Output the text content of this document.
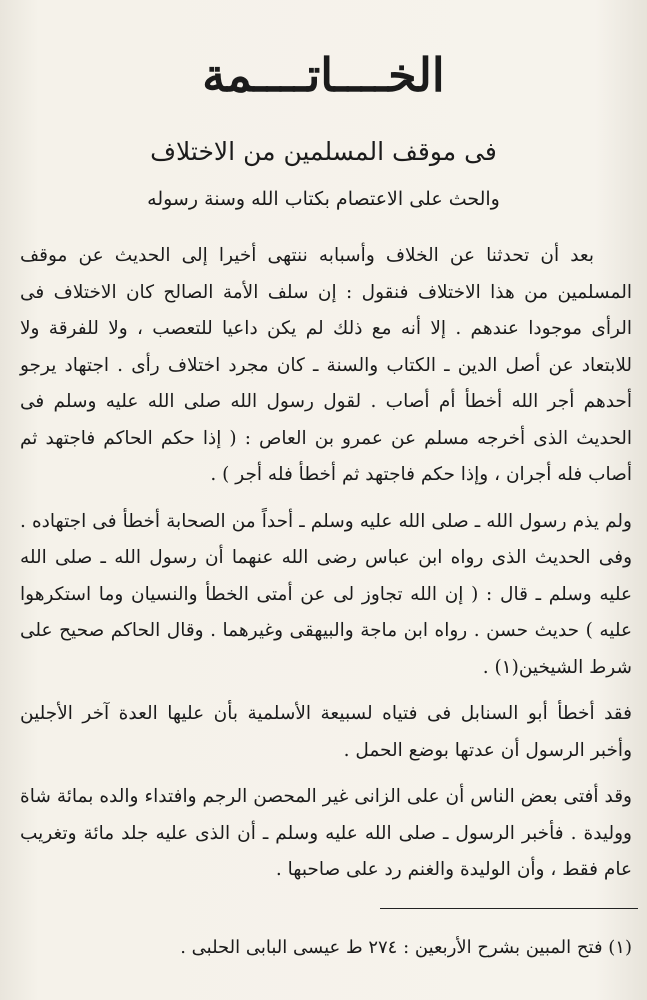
الخــــاتــــمة
فى موقف المسلمين من الاختلاف
والحث على الاعتصام بكتاب الله وسنة رسوله

بعد أن تحدثنا عن الخلاف وأسبابه ننتهى أخيرا إلى الحديث عن موقف المسلمين من هذا الاختلاف فنقول : إن سلف الأمة الصالح كان الاختلاف فى الرأى موجودا عندهم . إلا أنه مع ذلك لم يكن داعيا للتعصب ، ولا للفرقة ولا للابتعاد عن أصل الدين ـ الكتاب والسنة ـ كان مجرد اختلاف رأى . اجتهاد يرجو أحدهم أجر الله أخطأ أم أصاب . لقول رسول الله صلى الله عليه وسلم فى الحديث الذى أخرجه مسلم عن عمرو بن العاص : ( إذا حكم الحاكم فاجتهد ثم أصاب فله أجران ، وإذا حكم فاجتهد ثم أخطأ فله أجر ) .

ولم يذم رسول الله ـ صلى الله عليه وسلم ـ أحداً من الصحابة أخطأ فى اجتهاده . وفى الحديث الذى رواه ابن عباس رضى الله عنهما أن رسول الله ـ صلى الله عليه وسلم ـ قال : ( إن الله تجاوز لى عن أمتى الخطأ والنسيان وما استكرهوا عليه ) حديث حسن . رواه ابن ماجة والبيهقى وغيرهما . وقال الحاكم صحيح على شرط الشيخين(١) .

فقد أخطأ أبو السنابل فى فتياه لسبيعة الأسلمية بأن عليها العدة آخر الأجلين وأخبر الرسول أن عدتها بوضع الحمل .

وقد أفتى بعض الناس أن على الزانى غير المحصن الرجم وافتداء والده بمائة شاة ووليدة . فأخبر الرسول ـ صلى الله عليه وسلم ـ أن الذى عليه جلد مائة وتغريب عام فقط ، وأن الوليدة والغنم رد على صاحبها .

(١) فتح المبين بشرح الأربعين : ٢٧٤ ط عيسى البابى الحلبى .
